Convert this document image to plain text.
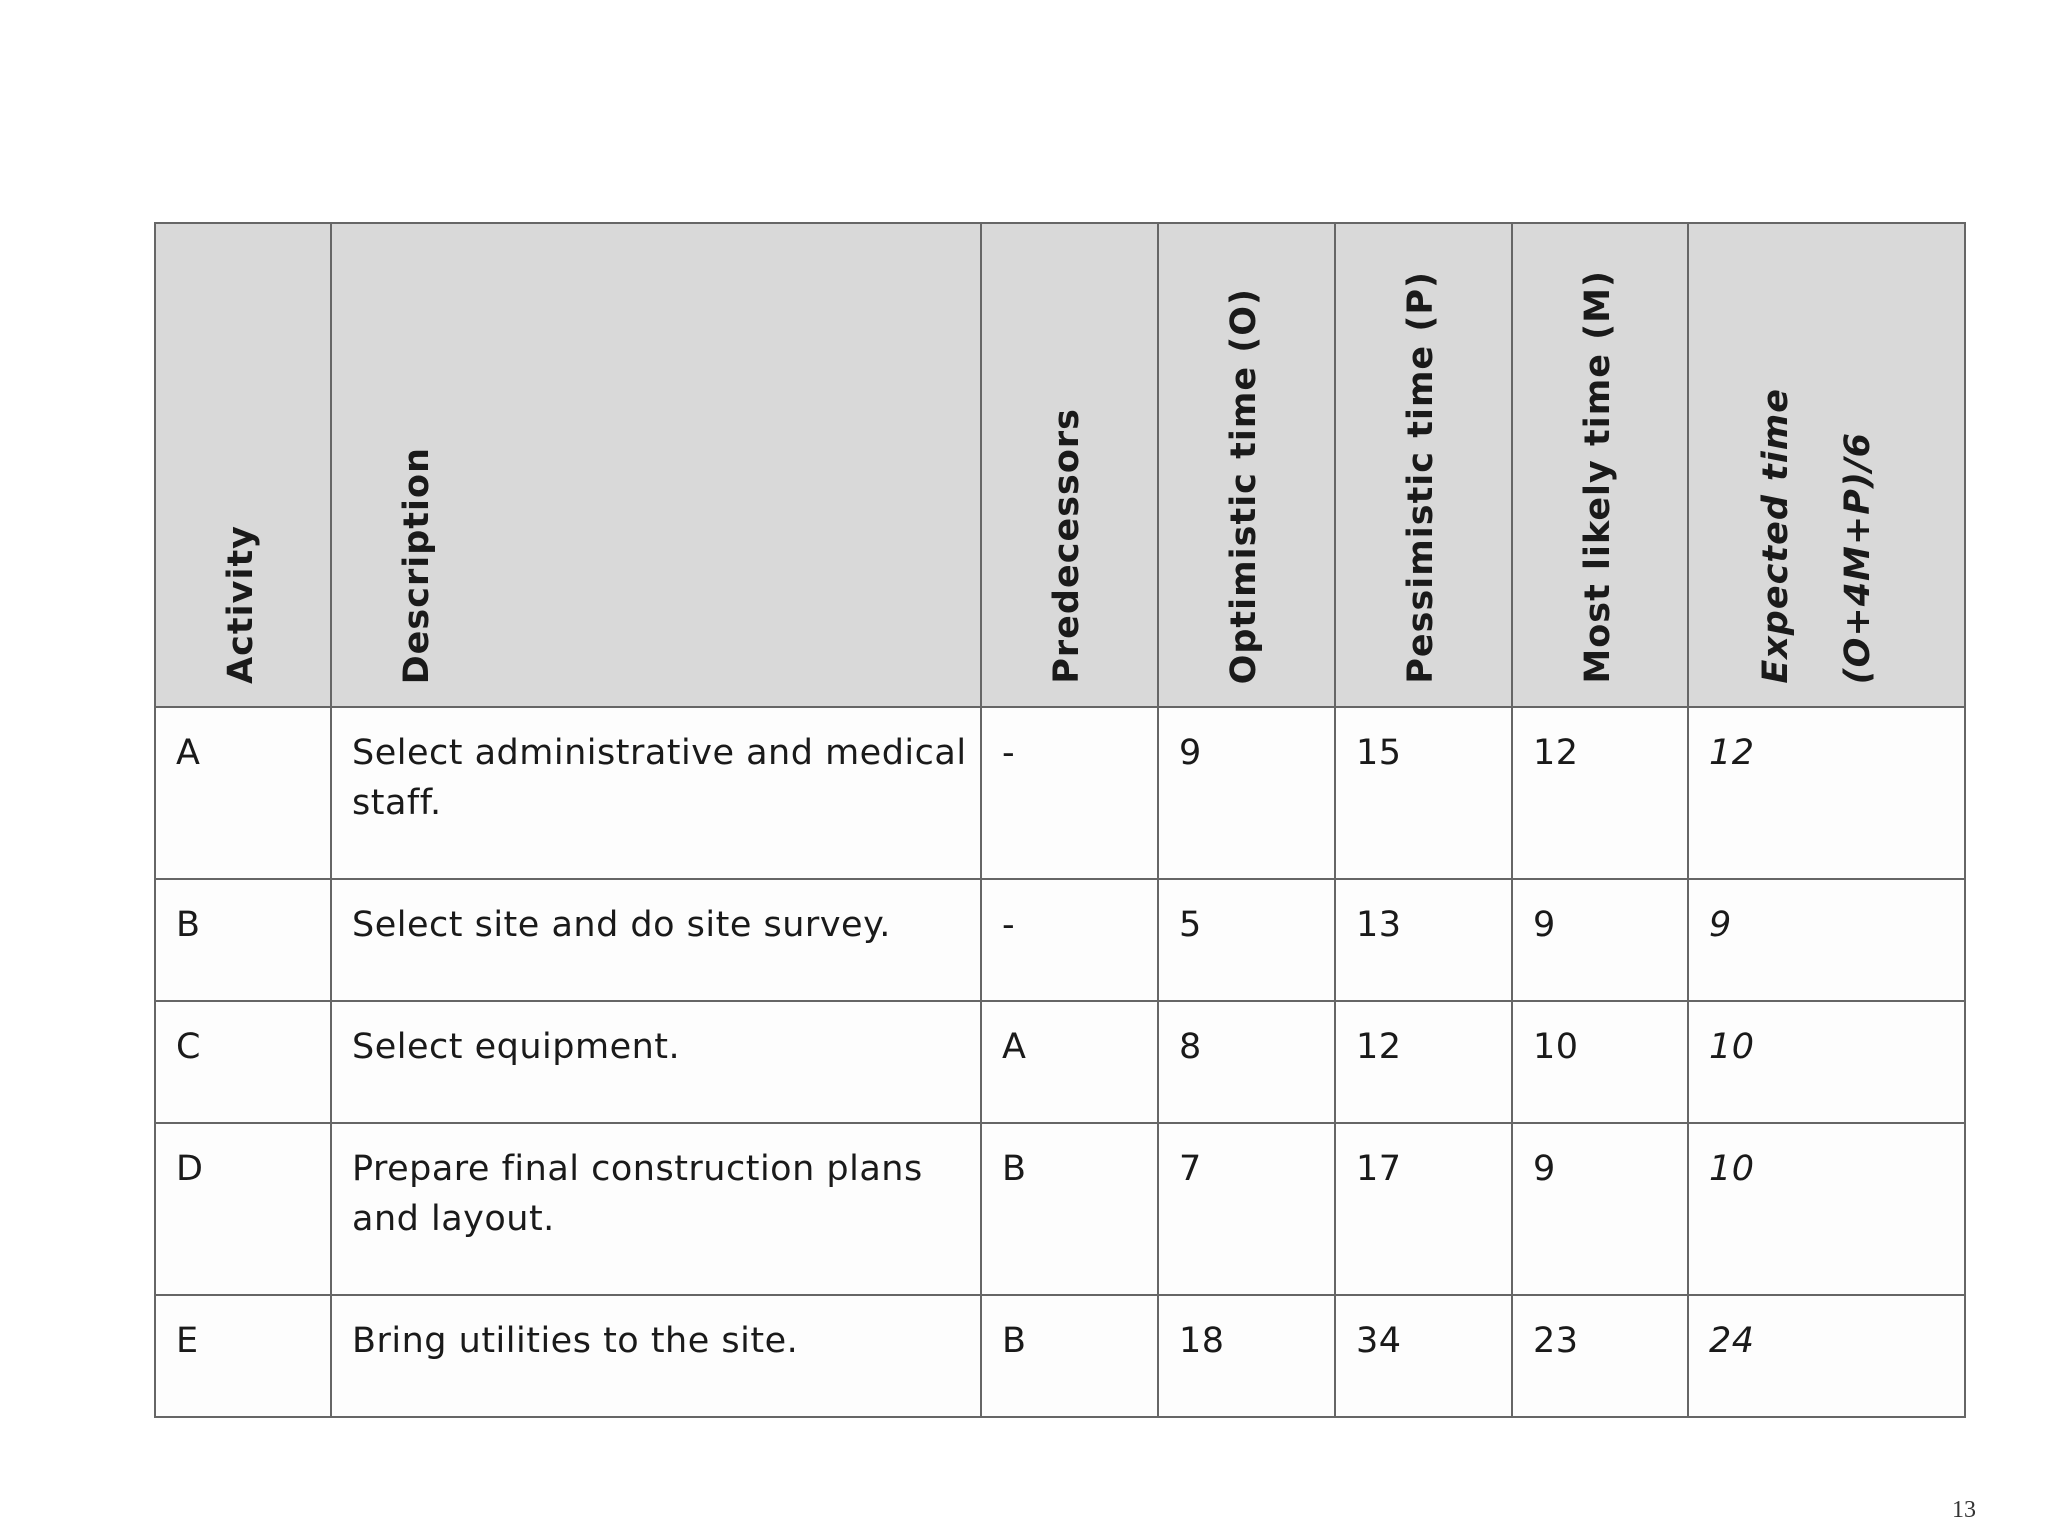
Activity	Description	Predecessors	Optimistic time (O)	Pessimistic time (P)	Most likely time (M)	Expected time (O+4M+P)/6

A	Select administrative and medical staff.	-	9	15	12	12
B	Select site and do site survey.	-	5	13	9	9
C	Select equipment.	A	8	12	10	10
D	Prepare final construction plans and layout.	B	7	17	9	10
E	Bring utilities to the site.	B	18	34	23	24
13
